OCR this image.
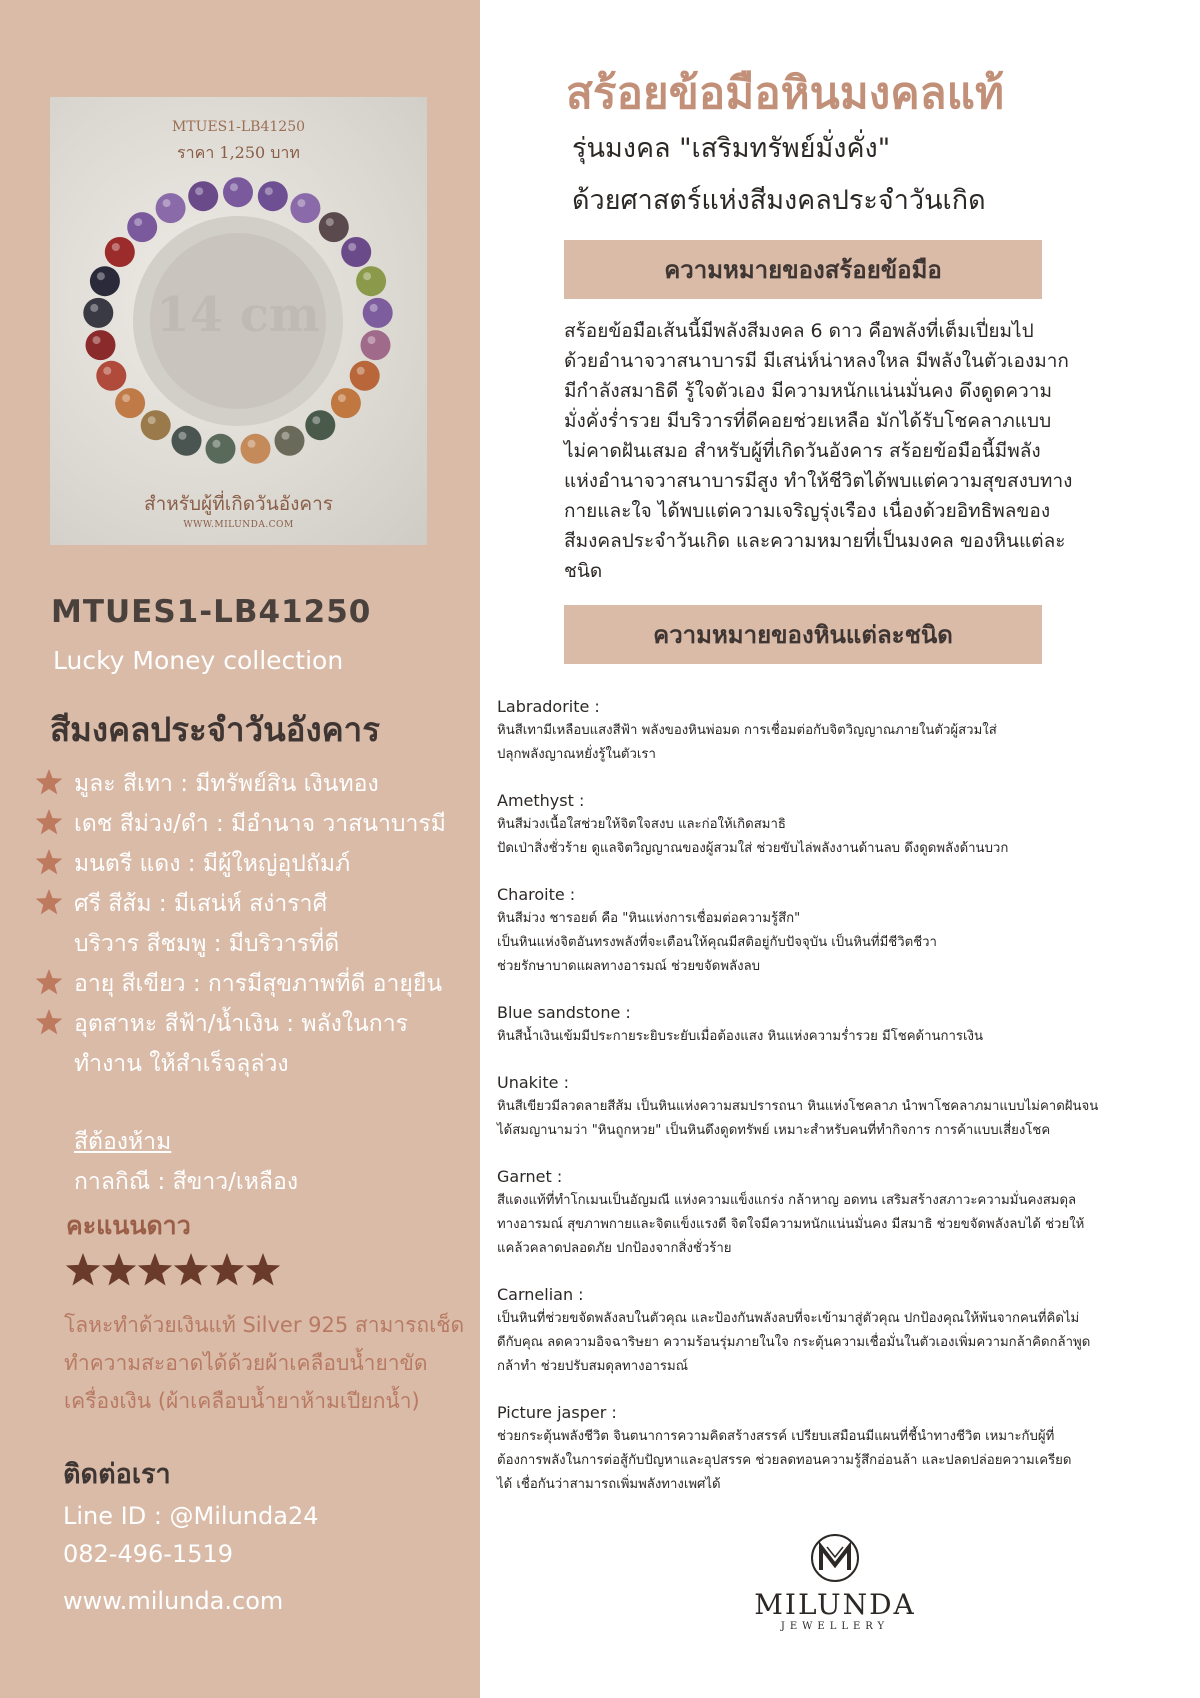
14 cm
MTUES1-LB41250
ราคา 1,250 บาท
สำหรับผู้ที่เกิดวันอังคาร
WWW.MILUNDA.COM
MTUES1-LB41250
Lucky Money collection
สีมงคลประจำวันอังคาร
มูละ สีเทา : มีทรัพย์สิน เงินทอง
เดช สีม่วง/ดำ : มีอำนาจ วาสนาบารมี
มนตรี แดง : มีผู้ใหญ่อุปถัมภ์
ศรี สีส้ม : มีเสน่ห์ สง่าราศี
บริวาร สีชมพู : มีบริวารที่ดี
อายุ สีเขียว : การมีสุขภาพที่ดี อายุยืน
อุตสาหะ สีฟ้า/น้ำเงิน : พลังในการ
ทำงาน ให้สำเร็จลุล่วง
สีต้องห้าม
กาลกิณี : สีขาว/เหลือง
คะแนนดาว
โลหะทำด้วยเงินแท้ Silver 925 สามารถเช็ดทำความสะอาดได้ด้วยผ้าเคลือบน้ำยาขัดเครื่องเงิน (ผ้าเคลือบน้ำยาห้ามเปียกน้ำ)
ติดต่อเรา
Line ID : @Milunda24
082-496-1519
www.milunda.com
สร้อยข้อมือหินมงคลแท้
รุ่นมงคล "เสริมทรัพย์มั่งคั่ง"
ด้วยศาสตร์แห่งสีมงคลประจำวันเกิด
ความหมายของสร้อยข้อมือ
สร้อยข้อมือเส้นนี้มีพลังสีมงคล 6 ดาว คือพลังที่เต็มเปี่ยมไป
ด้วยอำนาจวาสนาบารมี มีเสน่ห์น่าหลงใหล มีพลังในตัวเองมาก
มีกำลังสมาธิดี รู้ใจตัวเอง มีความหนักแน่นมั่นคง ดึงดูดความ
มั่งคั่งร่ำรวย มีบริวารที่ดีคอยช่วยเหลือ มักได้รับโชคลาภแบบ
ไม่คาดฝันเสมอ สำหรับผู้ที่เกิดวันอังคาร สร้อยข้อมือนี้มีพลัง
แห่งอำนาจวาสนาบารมีสูง ทำให้ชีวิตได้พบแต่ความสุขสงบทาง
กายและใจ ได้พบแต่ความเจริญรุ่งเรือง เนื่องด้วยอิทธิพลของ
สีมงคลประจำวันเกิด และความหมายที่เป็นมงคล ของหินแต่ละ
ชนิด
ความหมายของหินแต่ละชนิด
Labradorite :
หินสีเทามีเหลือบแสงสีฟ้า พลังของหินพ่อมด การเชื่อมต่อกับจิตวิญญาณภายในตัวผู้สวมใส่
ปลุกพลังญาณหยั่งรู้ในตัวเรา
Amethyst :
หินสีม่วงเนื้อใสช่วยให้จิตใจสงบ และก่อให้เกิดสมาธิ
ปัดเป่าสิ่งชั่วร้าย ดูแลจิตวิญญาณของผู้สวมใส่ ช่วยขับไล่พลังงานด้านลบ ดึงดูดพลังด้านบวก
Charoite :
หินสีม่วง ชารอยต์ คือ "หินแห่งการเชื่อมต่อความรู้สึก"
เป็นหินแห่งจิตอันทรงพลังที่จะเตือนให้คุณมีสติอยู่กับปัจจุบัน เป็นหินที่มีชีวิตชีวา
ช่วยรักษาบาดแผลทางอารมณ์ ช่วยขจัดพลังลบ
Blue sandstone :
หินสีน้ำเงินเข้มมีประกายระยิบระยับเมื่อต้องแสง หินแห่งความร่ำรวย มีโชคด้านการเงิน
Unakite :
หินสีเขียวมีลวดลายสีส้ม เป็นหินแห่งความสมปรารถนา หินแห่งโชคลาภ นำพาโชคลาภมาแบบไม่คาดฝันจน
ได้สมญานามว่า "หินถูกหวย" เป็นหินดึงดูดทรัพย์ เหมาะสำหรับคนที่ทำกิจการ การค้าแบบเสี่ยงโชค
Garnet :
สีแดงแท้ที่ทำโกเมนเป็นอัญมณี แห่งความแข็งแกร่ง กล้าหาญ อดทน เสริมสร้างสภาวะความมั่นคงสมดุล
ทางอารมณ์ สุขภาพกายและจิตแข็งแรงดี จิตใจมีความหนักแน่นมั่นคง มีสมาธิ ช่วยขจัดพลังลบได้ ช่วยให้
แคล้วคลาดปลอดภัย ปกป้องจากสิ่งชั่วร้าย
Carnelian :
เป็นหินที่ช่วยขจัดพลังลบในตัวคุณ และป้องกันพลังลบที่จะเข้ามาสู่ตัวคุณ ปกป้องคุณให้พ้นจากคนที่คิดไม่
ดีกับคุณ ลดความอิจฉาริษยา ความร้อนรุ่มภายในใจ กระตุ้นความเชื่อมั่นในตัวเองเพิ่มความกล้าคิดกล้าพูด
กล้าทำ ช่วยปรับสมดุลทางอารมณ์
Picture jasper :
ช่วยกระตุ้นพลังชีวิต จินตนาการความคิดสร้างสรรค์ เปรียบเสมือนมีแผนที่ชี้นำทางชีวิต เหมาะกับผู้ที่
ต้องการพลังในการต่อสู้กับปัญหาและอุปสรรค ช่วยลดทอนความรู้สึกอ่อนล้า และปลดปล่อยความเครียด
ได้ เชื่อกันว่าสามารถเพิ่มพลังทางเพศได้
MILUNDA
JEWELLERY
